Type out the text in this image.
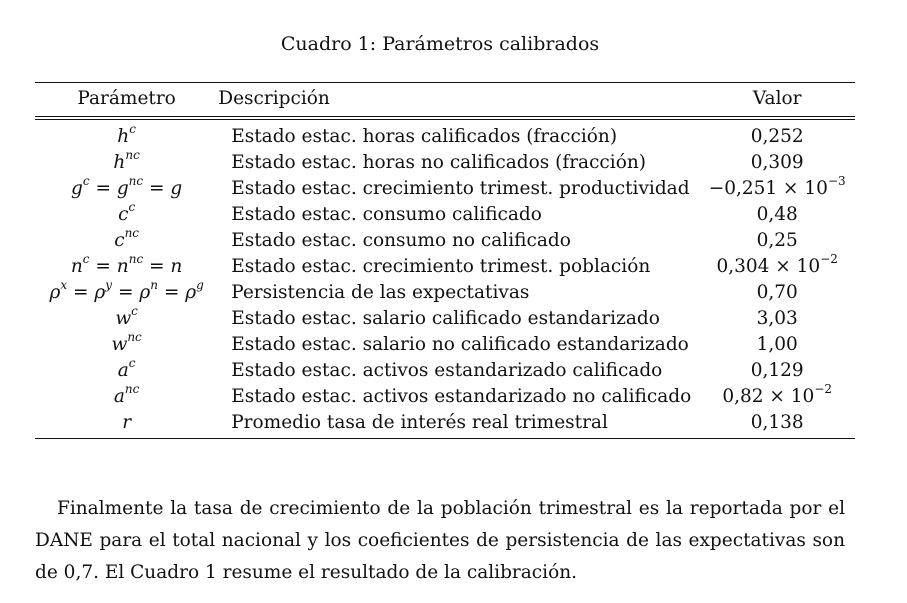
Cuadro 1: Parámetros calibrados
Parámetro	Descripción	Valor
$h^c$	Estado estac. horas calificados (fracción)	0,252
$h^{nc}$	Estado estac. horas no calificados (fracción)	0,309
$g^c = g^{nc} = g$	Estado estac. crecimiento trimest. productividad	$-0,251 \times 10^{-3}$
$c^c$	Estado estac. consumo calificado	0,48
$c^{nc}$	Estado estac. consumo no calificado	0,25
$n^c = n^{nc} = n$	Estado estac. crecimiento trimest. población	$0,304 \times 10^{-2}$
$\rho^x = \rho^y = \rho^n = \rho^g$	Persistencia de las expectativas	0,70
$w^c$	Estado estac. salario calificado estandarizado	3,03
$w^{nc}$	Estado estac. salario no calificado estandarizado	1,00
$a^c$	Estado estac. activos estandarizado calificado	0,129
$a^{nc}$	Estado estac. activos estandarizado no calificado	$0,82 \times 10^{-2}$
r	Promedio tasa de interés real trimestral	0,138
Finalmente la tasa de crecimiento de la población trimestral es la reportada por el DANE para el total nacional y los coeficientes de persistencia de las expectativas son de 0,7. El Cuadro 1 resume el resultado de la calibración.
